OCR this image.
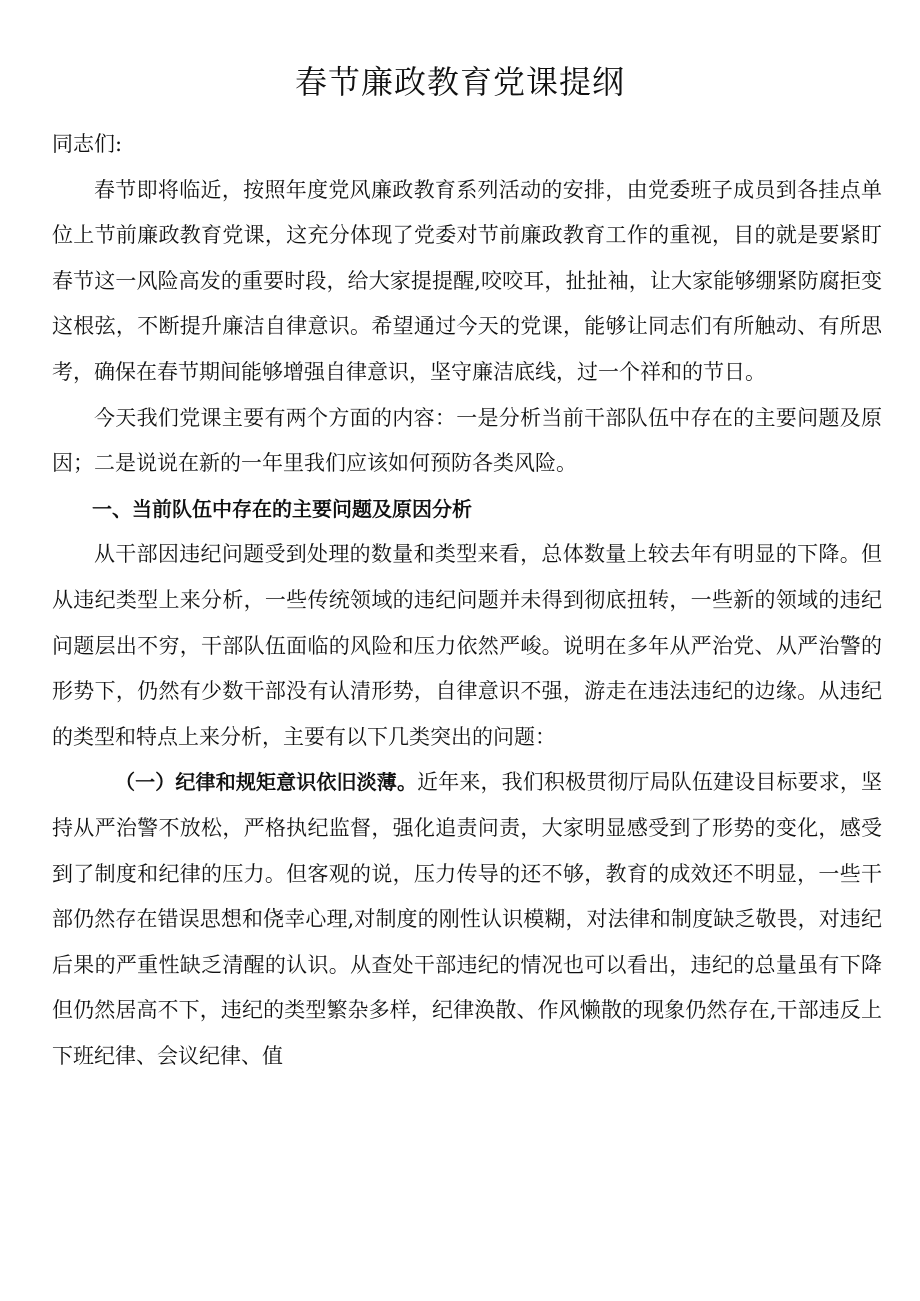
春节廉政教育党课提纲

同志们:

春节即将临近，按照年度党风廉政教育系列活动的安排，由党委班子成员到各挂点单位上节前廉政教育党课，这充分体现了党委对节前廉政教育工作的重视，目的就是要紧盯春节这一风险高发的重要时段，给大家提提醒,咬咬耳，扯扯袖，让大家能够绷紧防腐拒变这根弦，不断提升廉洁自律意识。希望通过今天的党课，能够让同志们有所触动、有所思考，确保在春节期间能够增强自律意识，坚守廉洁底线，过一个祥和的节日。

今天我们党课主要有两个方面的内容：一是分析当前干部队伍中存在的主要问题及原因；二是说说在新的一年里我们应该如何预防各类风险。

一、当前队伍中存在的主要问题及原因分析

从干部因违纪问题受到处理的数量和类型来看，总体数量上较去年有明显的下降。但从违纪类型上来分析，一些传统领域的违纪问题并未得到彻底扭转，一些新的领域的违纪问题层出不穷，干部队伍面临的风险和压力依然严峻。说明在多年从严治党、从严治警的形势下，仍然有少数干部没有认清形势，自律意识不强，游走在违法违纪的边缘。从违纪的类型和特点上来分析，主要有以下几类突出的问题：

（一）纪律和规矩意识依旧淡薄。近年来，我们积极贯彻厅局队伍建设目标要求，坚持从严治警不放松，严格执纪监督，强化追责问责，大家明显感受到了形势的变化，感受到了制度和纪律的压力。但客观的说，压力传导的还不够，教育的成效还不明显，一些干部仍然存在错误思想和侥幸心理,对制度的刚性认识模糊，对法律和制度缺乏敬畏，对违纪后果的严重性缺乏清醒的认识。从查处干部违纪的情况也可以看出，违纪的总量虽有下降但仍然居高不下，违纪的类型繁杂多样，纪律涣散、作风懒散的现象仍然存在,干部违反上下班纪律、会议纪律、值
